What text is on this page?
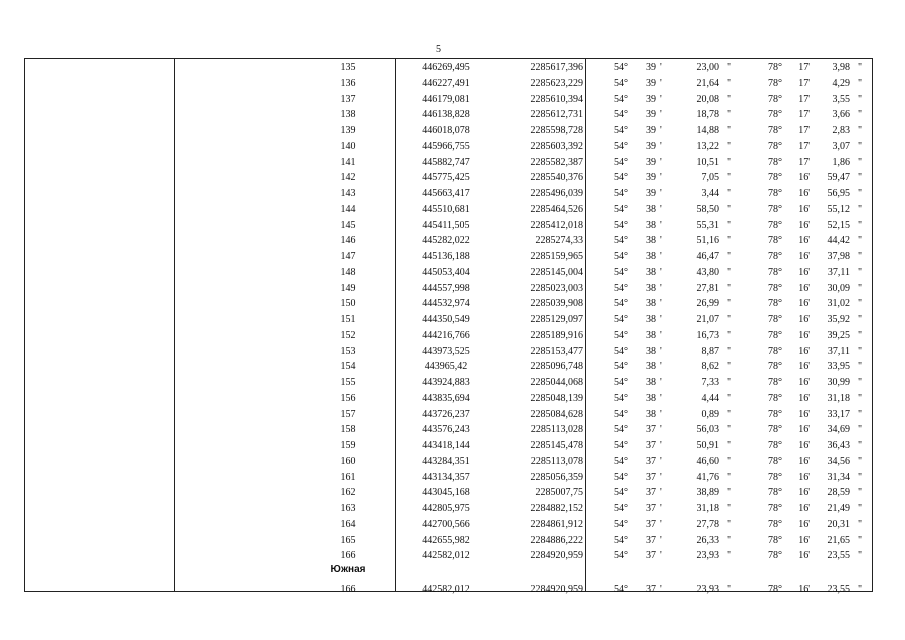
5
135	446269,495	2285617,396	54°	39 '	23,00 "	78°	17'	3,98 "
136	446227,491	2285623,229	54°	39 '	21,64 "	78°	17'	4,29 "
137	446179,081	2285610,394	54°	39 '	20,08 "	78°	17'	3,55 "
138	446138,828	2285612,731	54°	39 '	18,78 "	78°	17'	3,66 "
139	446018,078	2285598,728	54°	39 '	14,88 "	78°	17'	2,83 "
140	445966,755	2285603,392	54°	39 '	13,22 "	78°	17'	3,07 "
141	445882,747	2285582,387	54°	39 '	10,51 "	78°	17'	1,86 "
142	445775,425	2285540,376	54°	39 '	7,05 "	78°	16'	59,47 "
143	445663,417	2285496,039	54°	39 '	3,44 "	78°	16'	56,95 "
144	445510,681	2285464,526	54°	38 '	58,50 "	78°	16'	55,12 "
145	445411,505	2285412,018	54°	38 '	55,31 "	78°	16'	52,15 "
146	445282,022	2285274,33	54°	38 '	51,16 "	78°	16'	44,42 "
147	445136,188	2285159,965	54°	38 '	46,47 "	78°	16'	37,98 "
148	445053,404	2285145,004	54°	38 '	43,80 "	78°	16'	37,11 "
149	444557,998	2285023,003	54°	38 '	27,81 "	78°	16'	30,09 "
150	444532,974	2285039,908	54°	38 '	26,99 "	78°	16'	31,02 "
151	444350,549	2285129,097	54°	38 '	21,07 "	78°	16'	35,92 "
152	444216,766	2285189,916	54°	38 '	16,73 "	78°	16'	39,25 "
153	443973,525	2285153,477	54°	38 '	8,87 "	78°	16'	37,11 "
154	443965,42	2285096,748	54°	38 '	8,62 "	78°	16'	33,95 "
155	443924,883	2285044,068	54°	38 '	7,33 "	78°	16'	30,99 "
156	443835,694	2285048,139	54°	38 '	4,44 "	78°	16'	31,18 "
157	443726,237	2285084,628	54°	38 '	0,89 "	78°	16'	33,17 "
158	443576,243	2285113,028	54°	37 '	56,03 "	78°	16'	34,69 "
159	443418,144	2285145,478	54°	37 '	50,91 "	78°	16'	36,43 "
160	443284,351	2285113,078	54°	37 '	46,60 "	78°	16'	34,56 "
161	443134,357	2285056,359	54°	37 '	41,76 "	78°	16'	31,34 "
162	443045,168	2285007,75	54°	37 '	38,89 "	78°	16'	28,59 "
163	442805,975	2284882,152	54°	37 '	31,18 "	78°	16'	21,49 "
164	442700,566	2284861,912	54°	37 '	27,78 "	78°	16'	20,31 "
165	442655,982	2284886,222	54°	37 '	26,33 "	78°	16'	21,65 "
166	442582,012	2284920,959	54°	37 '	23,93 "	78°	16'	23,55 "
166	442582,012	2284920,959	54°	37 '	23,93 "	78°	16'	23,55 "
Южная
